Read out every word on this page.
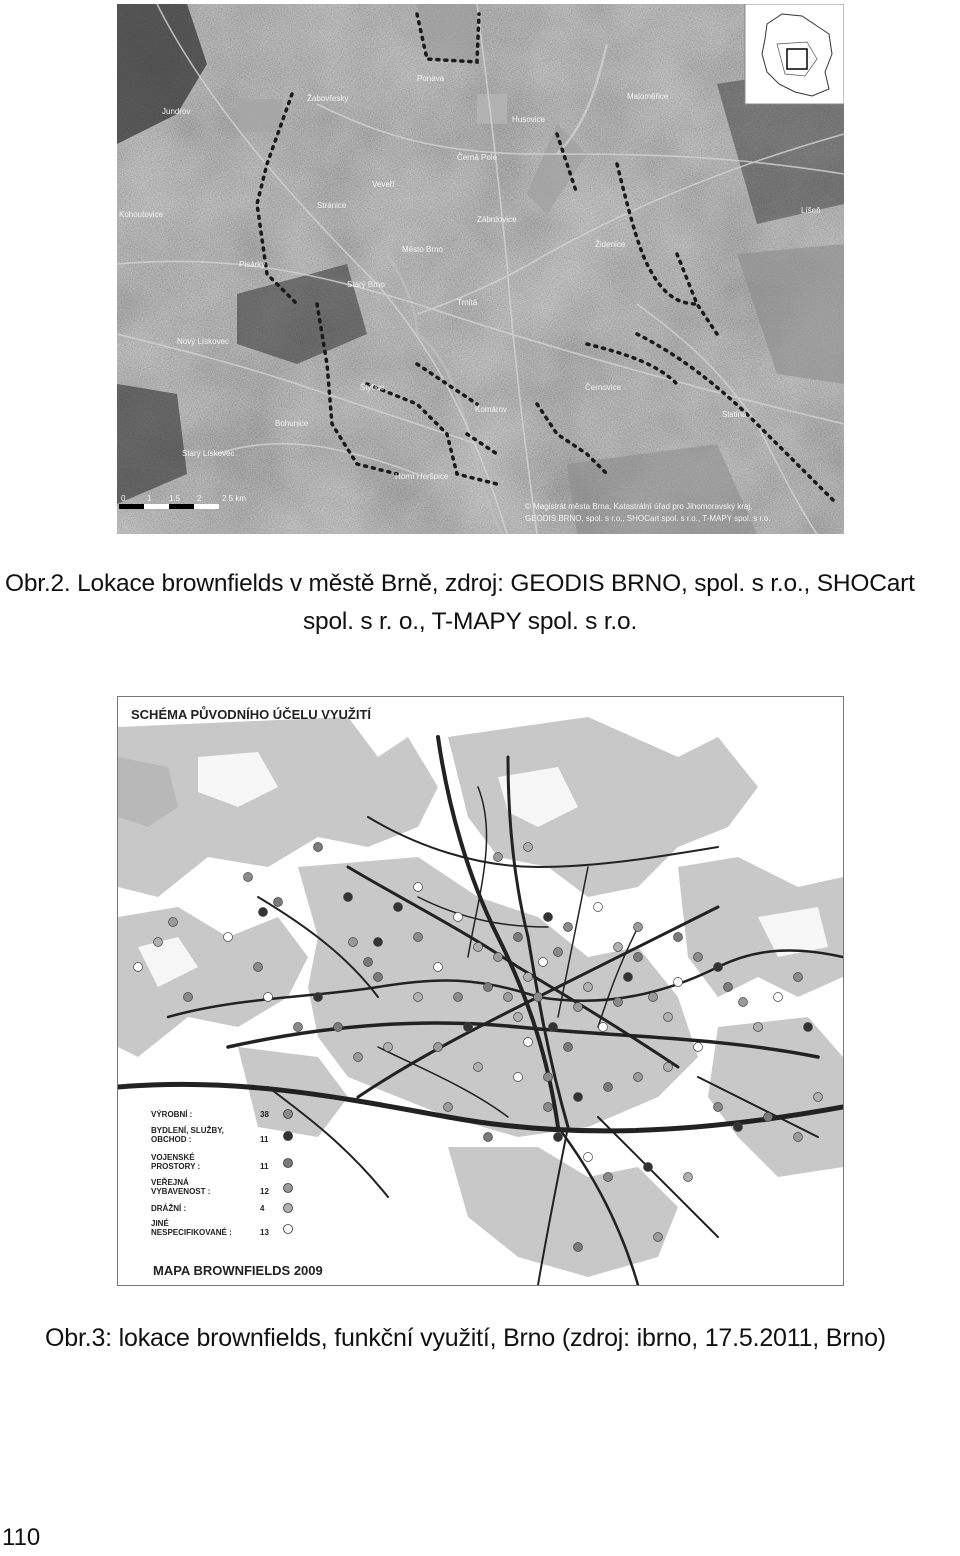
Jundrov
Žabovřesky
Ponava
Husovice
Maloměřice
Černá Pole
Veveří
Stránice
Zábrdovice
Židenice
Pisárky
Město Brno
Starý Brno
Trnitá
Nový Lískovec
Štýřice	Černovice
Komárov
Slatina
Bohunice
Starý Lískovec
Horní Heršpice
Kohoutovice	Líšeň
0	1 1.5 2	2.5 km
© Magistrát města Brna, Katastrální úřad pro Jihomoravský kraj,
GEODIS BRNO, spol. s r.o., SHOCart spol. s r.o., T-MAPY spol. s r.o.
Obr.2. Lokace brownfields v městě Brně, zdroj: GEODIS BRNO, spol. s r.o., SHOCart
spol. s r. o., T-MAPY spol. s r.o.
SCHÉMA PŮVODNÍHO ÚČELU VYUŽITÍ
VÝROBNÍ :	38
BYDLENÍ, SLUŽBY,
OBCHOD :	11
VOJENSKÉ
PROSTORY :	11
VEŘEJNÁ
VYBAVENOST :	12
DRÁŽNÍ :	4
JINÉ
NESPECIFIKOVANÉ :	13
MAPA BROWNFIELDS 2009
Obr.3: lokace brownfields, funkční využití, Brno (zdroj: ibrno, 17.5.2011, Brno)
110
